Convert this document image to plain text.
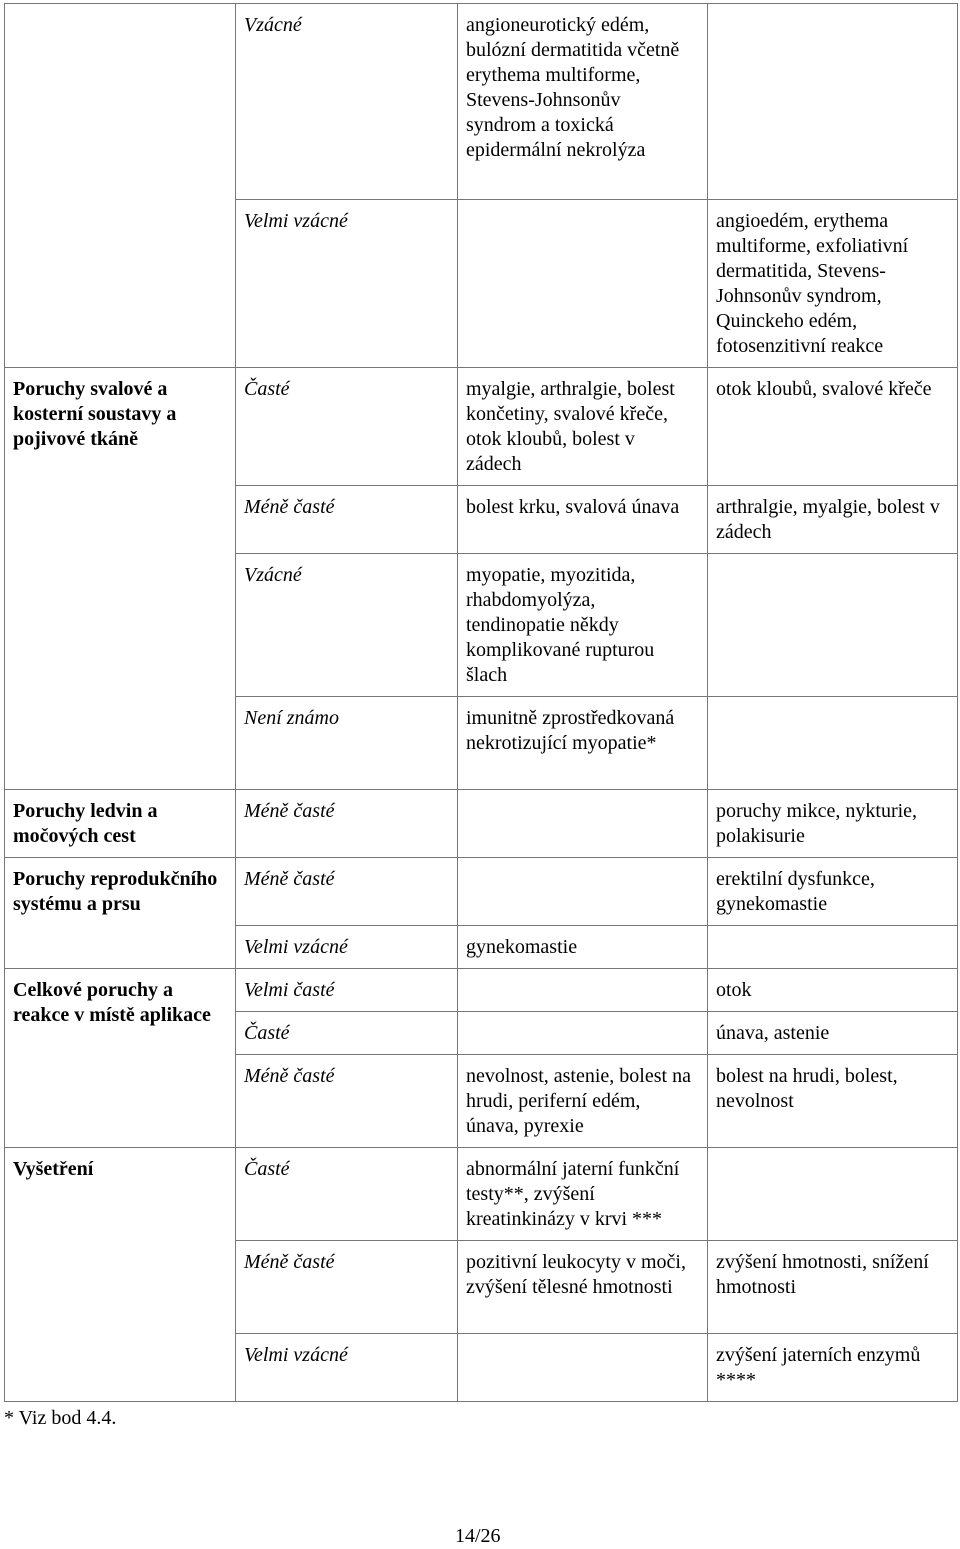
	Vzácné	angioneurotický edém, bulózní dermatitida včetně erythema multiforme, Stevens-Johnsonův syndrom a toxická epidermální nekrolýza	
	Velmi vzácné		angioedém, erythema multiforme, exfoliativní dermatitida, Stevens-Johnsonův syndrom, Quinckeho edém, fotosenzitivní reakce
Poruchy svalové a kosterní soustavy a pojivové tkáně	Časté	myalgie, arthralgie, bolest končetiny, svalové křeče, otok kloubů, bolest v zádech	otok kloubů, svalové křeče
	Méně časté	bolest krku, svalová únava	arthralgie, myalgie, bolest v zádech
	Vzácné	myopatie, myozitida, rhabdomyolýza, tendinopatie někdy komplikované rupturou šlach	
	Není známo	imunitně zprostředkovaná nekrotizující myopatie*	
Poruchy ledvin a močových cest	Méně časté		poruchy mikce, nykturie, polakisurie
Poruchy reprodukčního systému a prsu	Méně časté		erektilní dysfunkce, gynekomastie
	Velmi vzácné	gynekomastie	
Celkové poruchy a reakce v místě aplikace	Velmi časté		otok
	Časté		únava, astenie
	Méně časté	nevolnost, astenie, bolest na hrudi, periferní edém, únava, pyrexie	bolest na hrudi, bolest, nevolnost
Vyšetření	Časté	abnormální jaterní funkční testy**, zvýšení kreatinkinázy v krvi ***	
	Méně časté	pozitivní leukocyty v moči, zvýšení tělesné hmotnosti	zvýšení hmotnosti, snížení hmotnosti
	Velmi vzácné		zvýšení jaterních enzymů ****
* Viz bod 4.4.
14/26
